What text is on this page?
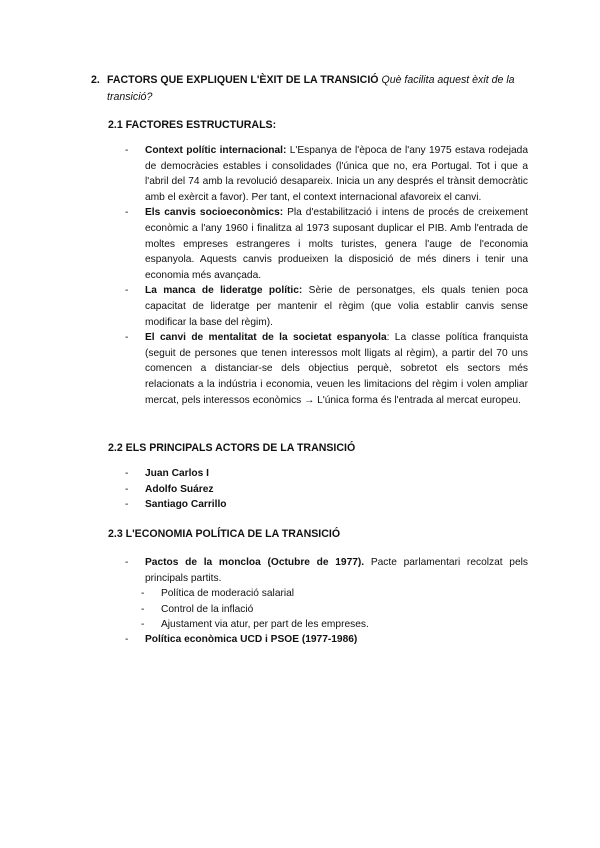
2. FACTORS QUE EXPLIQUEN L'ÈXIT DE LA TRANSICIÓ Què facilita aquest èxit de la transició?
2.1 FACTORES ESTRUCTURALS:
- Context polític internacional: L'Espanya de l'època de l'any 1975 estava rodejada de democràcies estables i consolidades (l'única que no, era Portugal. Tot i que a l'abril del 74 amb la revolució desapareix. Inicia un any després el trànsit democràtic amb el exèrcit a favor). Per tant, el context internacional afavoreix el canvi.
- Els canvis socioeconòmics: Pla d'estabilització i intens de procés de creixement econòmic a l'any 1960 i finalitza al 1973 suposant duplicar el PIB. Amb l'entrada de moltes empreses estrangeres i molts turistes, genera l'auge de l'economia espanyola. Aquests canvis produeixen la disposició de més diners i tenir una economia més avançada.
- La manca de lideratge polític: Sèrie de personatges, els quals tenien poca capacitat de lideratge per mantenir el règim (que volia establir canvis sense modificar la base del règim).
- El canvi de mentalitat de la societat espanyola: La classe política franquista (seguit de persones que tenen interessos molt lligats al règim), a partir del 70 uns comencen a distanciar-se dels objectius perquè, sobretot els sectors més relacionats a la indústria i economia, veuen les limitacions del règim i volen ampliar mercat, pels interessos econòmics → L'única forma és l'entrada al mercat europeu.
2.2 ELS PRINCIPALS ACTORS DE LA TRANSICIÓ
- Juan Carlos I
- Adolfo Suárez
- Santiago Carrillo
2.3 L'ECONOMIA POLÍTICA DE LA TRANSICIÓ
- Pactos de la moncloa (Octubre de 1977). Pacte parlamentari recolzat pels principals partits.
- Política de moderació salarial
- Control de la inflació
- Ajustament via atur, per part de les empreses.
- Política econòmica UCD i PSOE (1977-1986)
